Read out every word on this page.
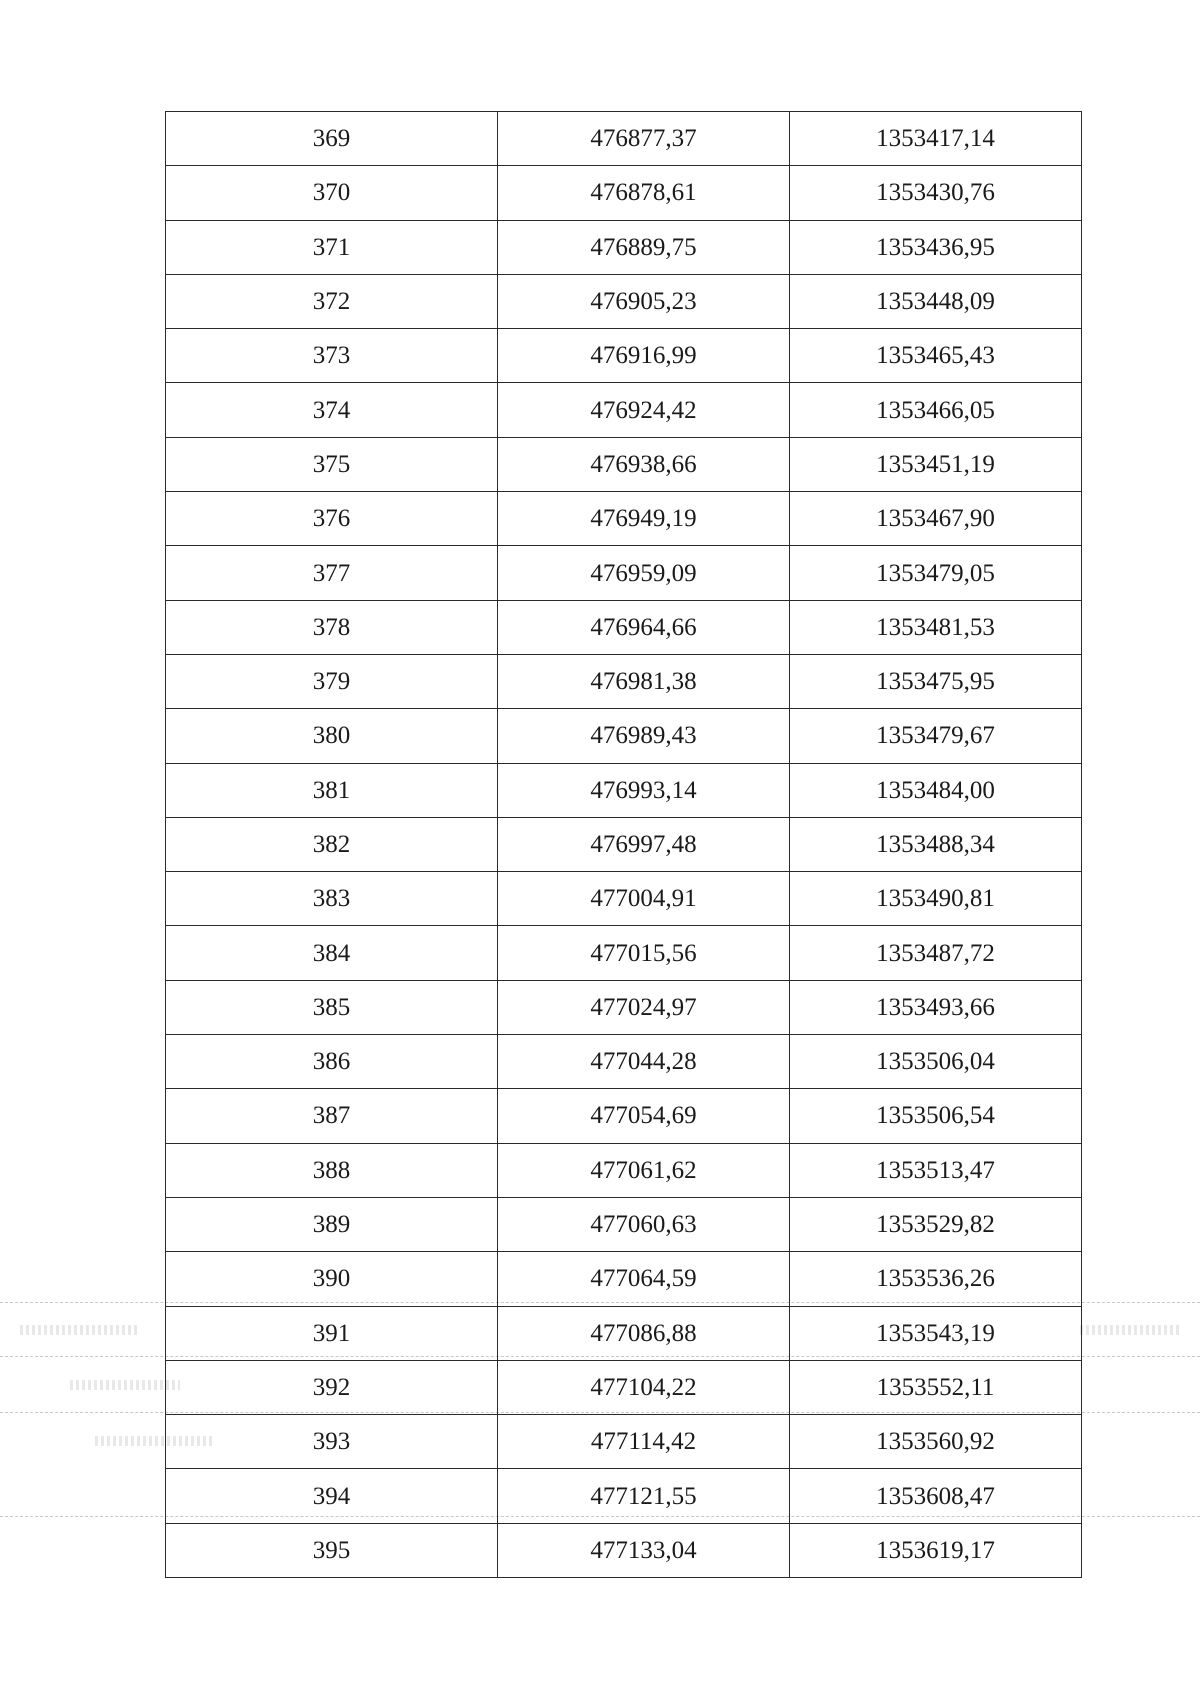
369	476877,37	1353417,14
370	476878,61	1353430,76
371	476889,75	1353436,95
372	476905,23	1353448,09
373	476916,99	1353465,43
374	476924,42	1353466,05
375	476938,66	1353451,19
376	476949,19	1353467,90
377	476959,09	1353479,05
378	476964,66	1353481,53
379	476981,38	1353475,95
380	476989,43	1353479,67
381	476993,14	1353484,00
382	476997,48	1353488,34
383	477004,91	1353490,81
384	477015,56	1353487,72
385	477024,97	1353493,66
386	477044,28	1353506,04
387	477054,69	1353506,54
388	477061,62	1353513,47
389	477060,63	1353529,82
390	477064,59	1353536,26
391	477086,88	1353543,19
392	477104,22	1353552,11
393	477114,42	1353560,92
394	477121,55	1353608,47
395	477133,04	1353619,17
